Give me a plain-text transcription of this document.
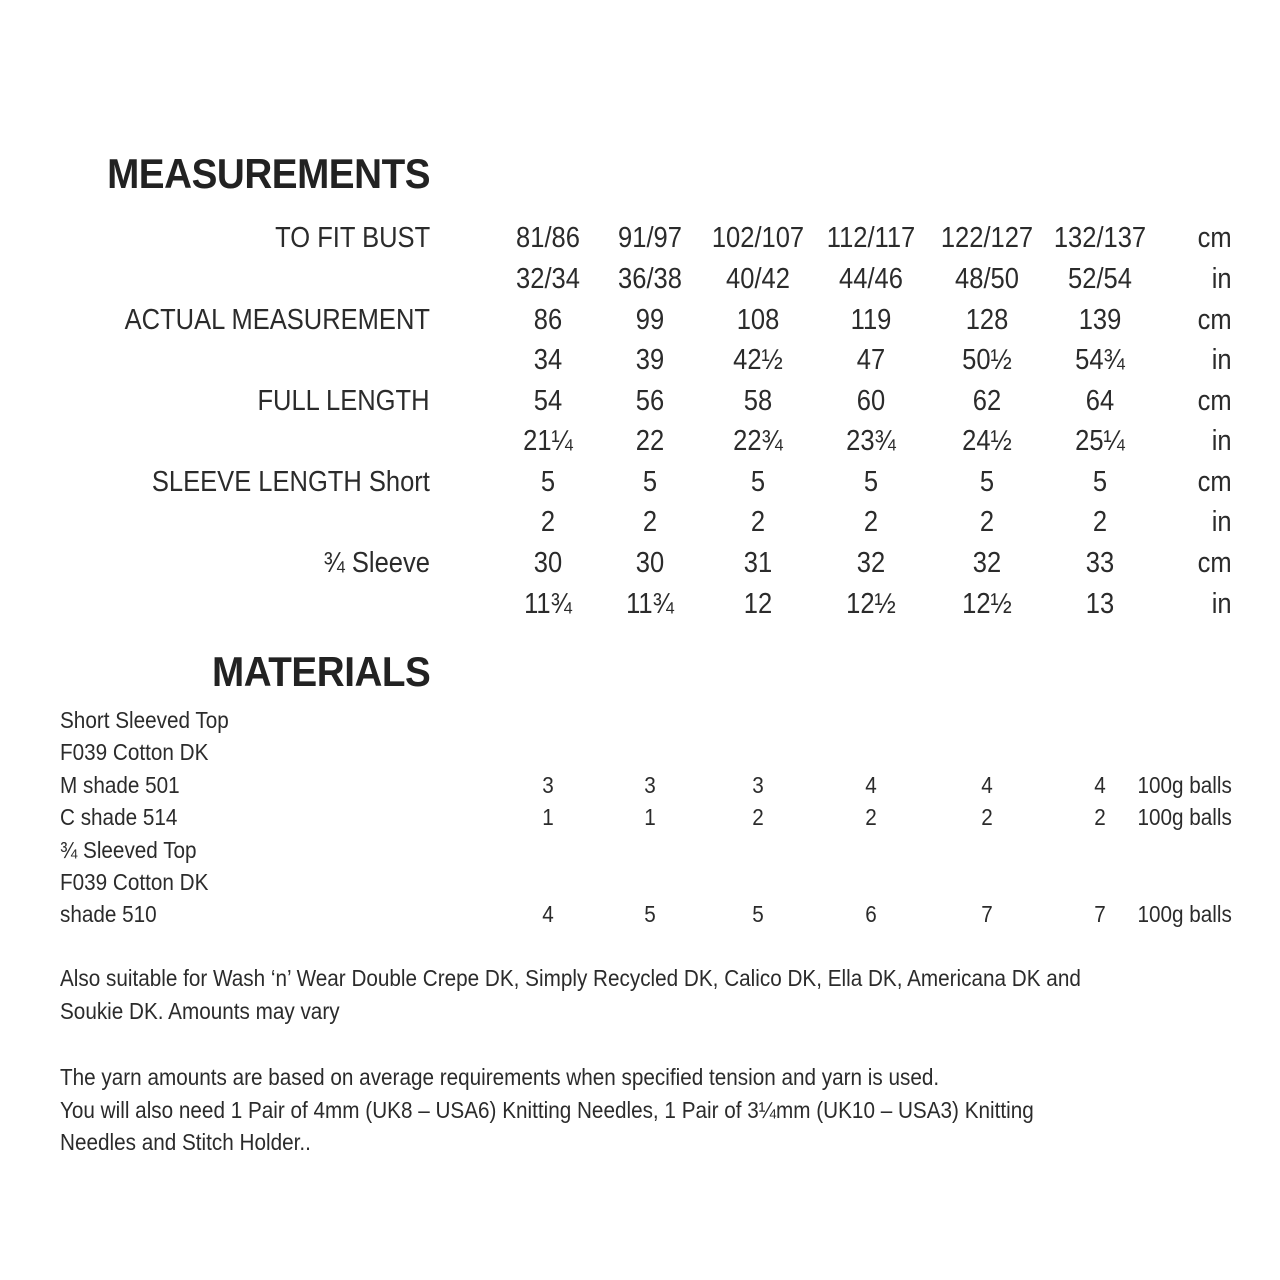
MEASUREMENTS
TO FIT BUST	81/86	91/97	102/107 112/117 122/127 132/137 cm
32/34	36/38	40/42	44/46	48/50	52/54	in
ACTUAL MEASUREMENT	86	99	108	119	128	139	cm
34	39	42½	47	50½	54¾	in
FULL LENGTH	54	56	58	60	62	64	cm
21¼	22	22¾	23¾	24½	25¼	in
SLEEVE LENGTH Short	5	5	5	5	5	5	cm
2	2	2	2	2	2	in
¾ Sleeve	30	30	31	32	32	33	cm
11¾	11¾	12	12½	12½	13	in
MATERIALS
Short Sleeved Top
F039 Cotton DK
M shade 501	3	3	3	4	4	4	100g balls
C shade 514	1	1	2	2	2	2	100g balls
¾ Sleeved Top
F039 Cotton DK
shade 510	4	5	5	6	7	7	100g balls

Also suitable for Wash ‘n’ Wear Double Crepe DK, Simply Recycled DK, Calico DK, Ella DK, Americana DK and
Soukie DK. Amounts may vary

The yarn amounts are based on average requirements when specified tension and yarn is used.
You will also need 1 Pair of 4mm (UK8 – USA6) Knitting Needles, 1 Pair of 3¼mm (UK10 – USA3) Knitting
Needles and Stitch Holder..
